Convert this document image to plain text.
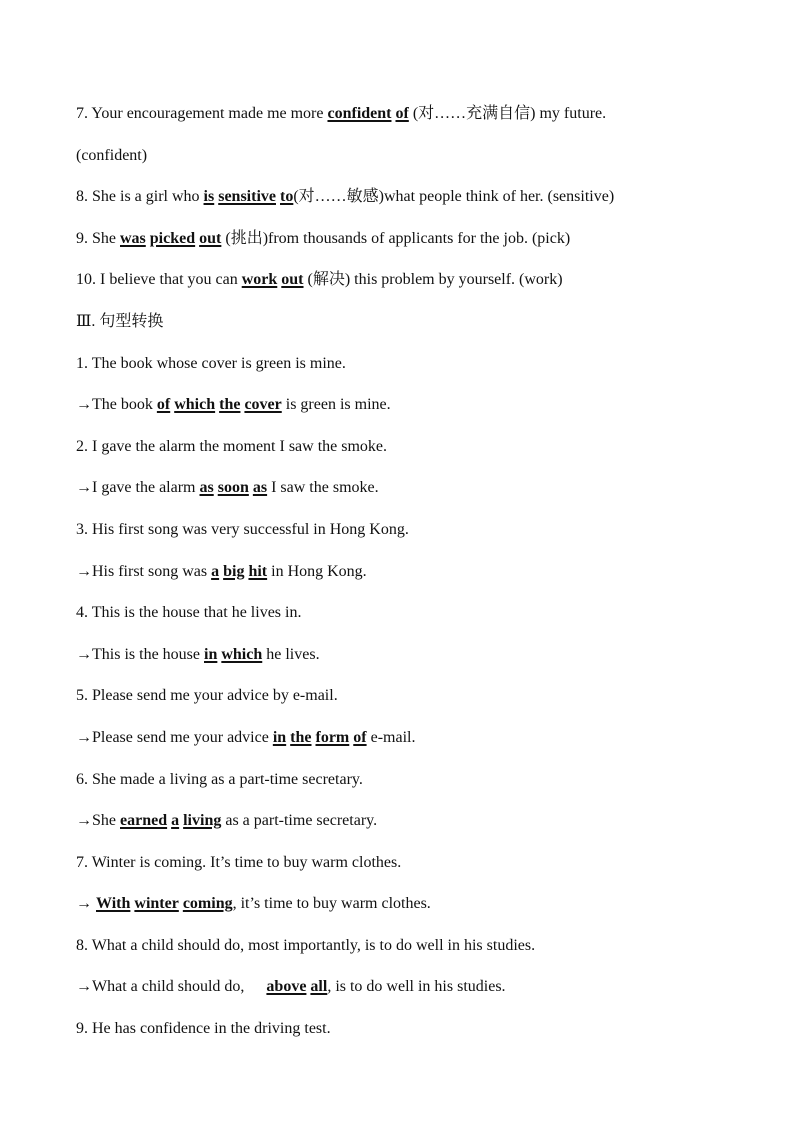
7. Your encouragement made me more confident of (对……充满自信) my future.

(confident)

8. She is a girl who is sensitive to(对……敏感)what people think of her. (sensitive)

9. She was picked out (挑出)from thousands of applicants for the job. (pick)

10. I believe that you can work out (解决) this problem by yourself. (work)

Ⅲ. 句型转换

1. The book whose cover is green is mine.

→The book of which the cover is green is mine.

2. I gave the alarm the moment I saw the smoke.

→I gave the alarm as soon as I saw the smoke.

3. His first song was very successful in Hong Kong.

→His first song was a big hit in Hong Kong.

4. This is the house that he lives in.

→This is the house in which he lives.

5. Please send me your advice by e-mail.

→Please send me your advice in the form of e-mail.

6. She made a living as a part-time secretary.

→She earned a living as a part-time secretary.

7. Winter is coming. It’s time to buy warm clothes.

→ With winter coming, it’s time to buy warm clothes.

8. What a child should do, most importantly, is to do well in his studies.

→What a child should do, above all, is to do well in his studies.

9. He has confidence in the driving test.
